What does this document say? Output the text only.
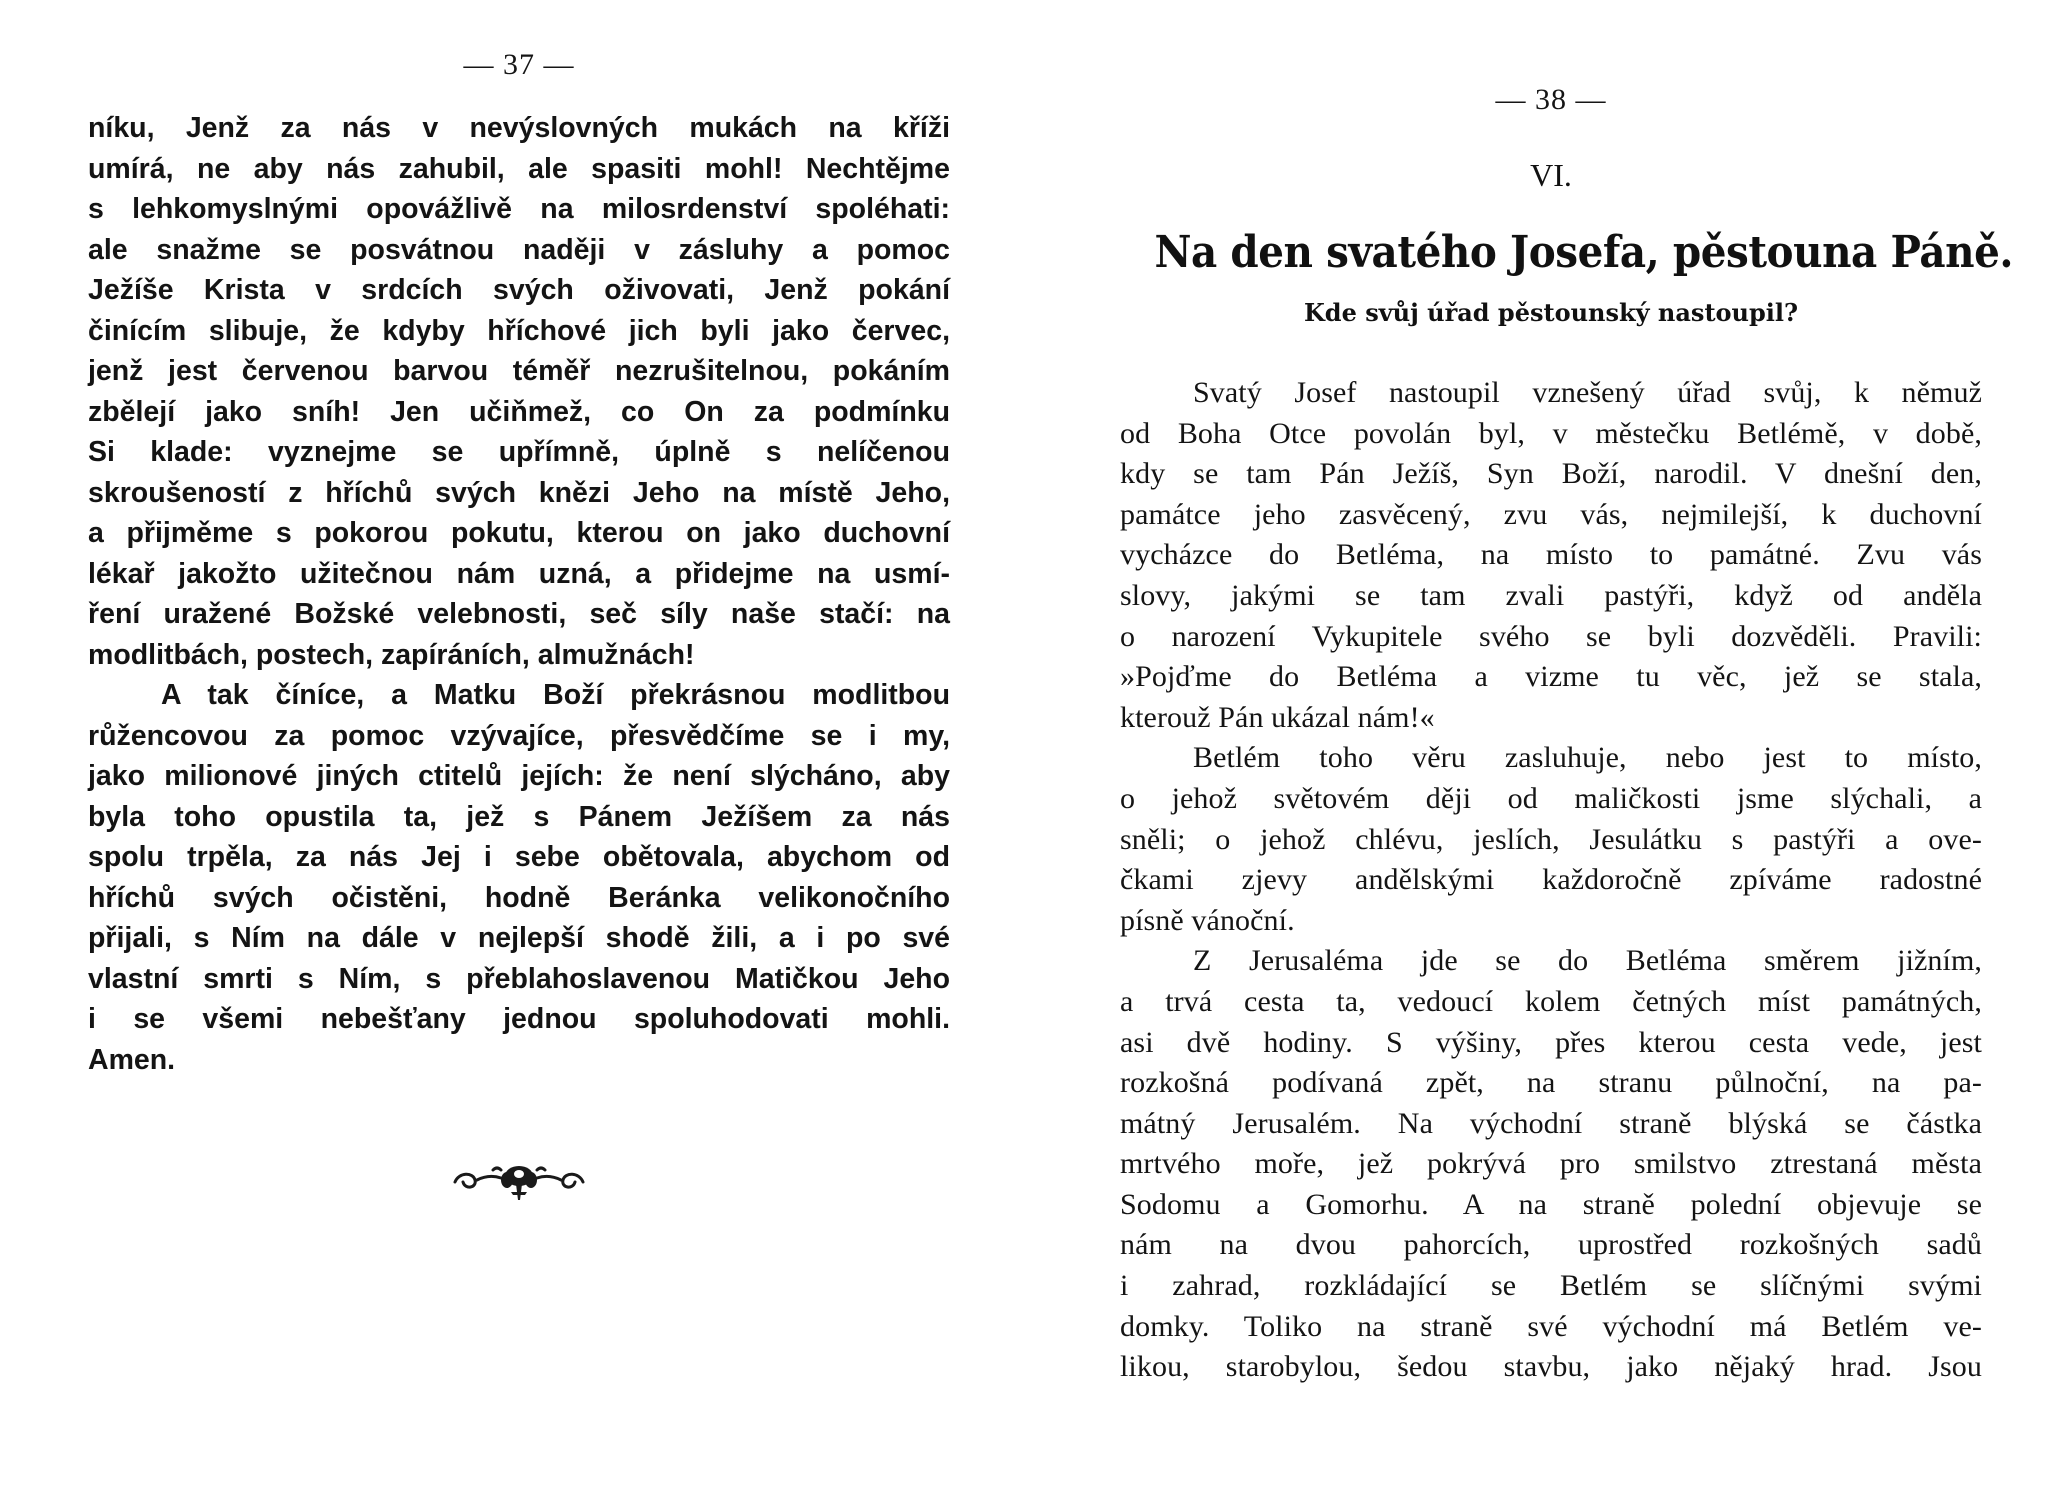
— 37 —
níku, Jenž za nás v nevýslovných mukách na kříži
umírá, ne aby nás zahubil, ale spasiti mohl! Nechtějme
s lehkomyslnými opovážlivě na milosrdenství spoléhati:
ale snažme se posvátnou naději v zásluhy a pomoc
Ježíše Krista v srdcích svých oživovati, Jenž pokání
činícím slibuje, že kdyby hříchové jich byli jako červec,
jenž jest červenou barvou téměř nezrušitelnou, pokáním
zbělejí jako sníh! Jen učiňmež, co On za podmínku
Si klade: vyznejme se upřímně, úplně s nelíčenou
skroušeností z hříchů svých knězi Jeho na místě Jeho,
a přijměme s pokorou pokutu, kterou on jako duchovní
lékař jakožto užitečnou nám uzná, a přidejme na usmí-
ření uražené Božské velebnosti, seč síly naše stačí: na
modlitbách, postech, zapíráních, almužnách!
A tak číníce, a Matku Boží překrásnou modlitbou
růžencovou za pomoc vzývajíce, přesvědčíme se i my,
jako milionové jiných ctitelů jejích: že není slýcháno, aby
byla toho opustila ta, jež s Pánem Ježíšem za nás
spolu trpěla, za nás Jej i sebe obětovala, abychom od
hříchů svých očistěni, hodně Beránka velikonočního
přijali, s Ním na dále v nejlepší shodě žili, a i po své
vlastní smrti s Ním, s přeblahoslavenou Matičkou Jeho
i se všemi nebešťany jednou spoluhodovati mohli.
Amen.
— 38 —
VI.
Na den svatého Josefa, pěstouna Páně.
Kde svůj úřad pěstounský nastoupil?
Svatý Josef nastoupil vznešený úřad svůj, k němuž
od Boha Otce povolán byl, v městečku Betlémě, v době,
kdy se tam Pán Ježíš, Syn Boží, narodil. V dnešní den,
památce jeho zasvěcený, zvu vás, nejmilejší, k duchovní
vycházce do Betléma, na místo to památné. Zvu vás
slovy, jakými se tam zvali pastýři, když od anděla
o narození Vykupitele svého se byli dozvěděli. Pravili:
»Pojďme do Betléma a vizme tu věc, jež se stala,
kterouž Pán ukázal nám!«
Betlém toho věru zasluhuje, nebo jest to místo,
o jehož světovém ději od maličkosti jsme slýchali, a
sněli; o jehož chlévu, jeslích, Jesulátku s pastýři a ove-
čkami zjevy andělskými každoročně zpíváme radostné
písně vánoční.
Z Jerusaléma jde se do Betléma směrem jižním,
a trvá cesta ta, vedoucí kolem četných míst památných,
asi dvě hodiny. S výšiny, přes kterou cesta vede, jest
rozkošná podívaná zpět, na stranu půlnoční, na pa-
mátný Jerusalém. Na východní straně blýská se částka
mrtvého moře, jež pokrývá pro smilstvo ztrestaná města
Sodomu a Gomorhu. A na straně polední objevuje se
nám na dvou pahorcích, uprostřed rozkošných sadů
i zahrad, rozkládající se Betlém se slíčnými svými
domky. Toliko na straně své východní má Betlém ve-
likou, starobylou, šedou stavbu, jako nějaký hrad. Jsou
